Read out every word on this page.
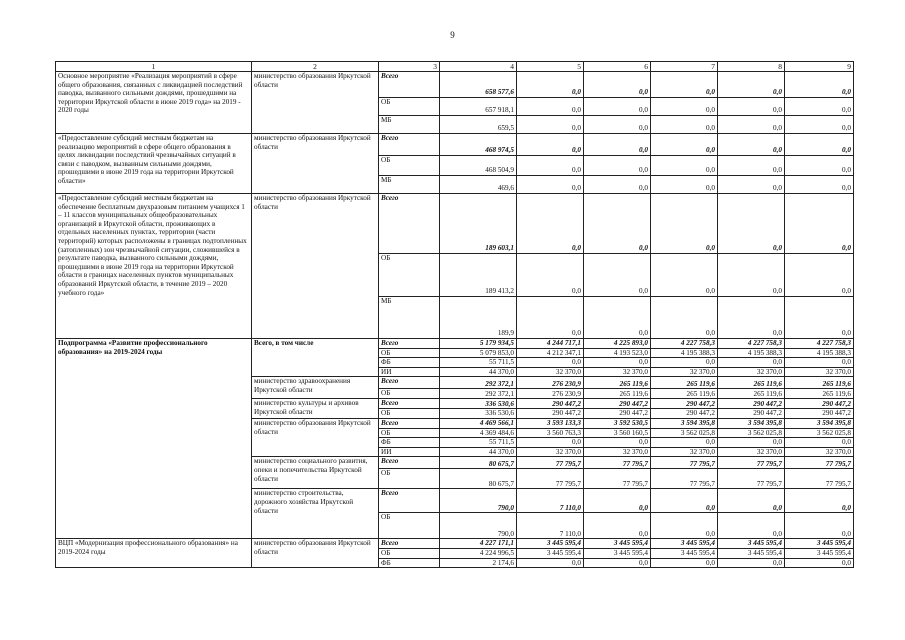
9
1	2	3	4	5	6	7	8	9
Основное мероприятие «Реализация мероприятий в сфере общего образования, связанных с ликвидацией последствий паводка, вызванного сильными дождями, прошедшими на территории Иркутской области в июне 2019 года» на 2019 - 2020 годы	министерство образования Иркутской области	Всего	658 577,6	0,0	0,0	0,0	0,0	0,0
		ОБ	657 918,1	0,0	0,0	0,0	0,0	0,0
		МБ	659,5	0,0	0,0	0,0	0,0	0,0
«Предоставление субсидий местным бюджетам на реализацию мероприятий в сфере общего образования в целях ликвидации последствий чрезвычайных ситуаций в связи с паводком, вызванным сильными дождями, прошедшими в июне 2019 года на территории Иркутской области»	министерство образования Иркутской области	Всего	468 974,5	0,0	0,0	0,0	0,0	0,0
		ОБ	468 504,9	0,0	0,0	0,0	0,0	0,0
		МБ	469,6	0,0	0,0	0,0	0,0	0,0
«Предоставление субсидий местным бюджетам на обеспечение бесплатным двухразовым питанием учащихся 1 – 11 классов муниципальных общеобразовательных организаций в Иркутской области, проживающих в отдельных населенных пунктах, территории (части территорий) которых расположены в границах подтопленных (затопленных) зон чрезвычайной ситуации, сложившейся в результате паводка, вызванного сильными дождями, прошедшими в июне 2019 года на территории Иркутской области в границах населенных пунктов муниципальных образований Иркутской области, в течение 2019 – 2020 учебного года»	министерство образования Иркутской области	Всего	189 603,1	0,0	0,0	0,0	0,0	0,0
		ОБ	189 413,2	0,0	0,0	0,0	0,0	0,0
		МБ	189,9	0,0	0,0	0,0	0,0	0,0
Подпрограмма «Развитие профессионального образования» на 2019-2024 годы	Всего, в том числе	Всего	5 179 934,5	4 244 717,1	4 225 893,0	4 227 758,3	4 227 758,3	4 227 758,3
		ОБ	5 079 853,0	4 212 347,1	4 193 523,0	4 195 388,3	4 195 388,3	4 195 388,3
		ФБ	55 711,5	0,0	0,0	0,0	0,0	0,0
		ИИ	44 370,0	32 370,0	32 370,0	32 370,0	32 370,0	32 370,0
	министерство здравоохранения Иркутской области	Всего	292 372,1	276 230,9	265 119,6	265 119,6	265 119,6	265 119,6
		ОБ	292 372,1	276 230,9	265 119,6	265 119,6	265 119,6	265 119,6
	министерство культуры и архивов Иркутской области	Всего	336 530,6	290 447,2	290 447,2	290 447,2	290 447,2	290 447,2
		ОБ	336 530,6	290 447,2	290 447,2	290 447,2	290 447,2	290 447,2
	министерство образования Иркутской области	Всего	4 469 566,1	3 593 133,3	3 592 530,5	3 594 395,8	3 594 395,8	3 594 395,8
		ОБ	4 369 484,6	3 560 763,3	3 560 160,5	3 562 025,8	3 562 025,8	3 562 025,8
		ФБ	55 711,5	0,0	0,0	0,0	0,0	0,0
		ИИ	44 370,0	32 370,0	32 370,0	32 370,0	32 370,0	32 370,0
	министерство социального развития, опеки и попечительства Иркутской области	Всего	80 675,7	77 795,7	77 795,7	77 795,7	77 795,7	77 795,7
		ОБ	80 675,7	77 795,7	77 795,7	77 795,7	77 795,7	77 795,7
	министерство строительства, дорожного хозяйства Иркутской области	Всего	790,0	7 110,0	0,0	0,0	0,0	0,0
		ОБ	790,0	7 110,0	0,0	0,0	0,0	0,0
ВЦП «Модернизация профессионального образования» на 2019-2024 годы	министерство образования Иркутской области	Всего	4 227 171,1	3 445 595,4	3 445 595,4	3 445 595,4	3 445 595,4	3 445 595,4
		ОБ	4 224 996,5	3 445 595,4	3 445 595,4	3 445 595,4	3 445 595,4	3 445 595,4
		ФБ	2 174,6	0,0	0,0	0,0	0,0	0,0
